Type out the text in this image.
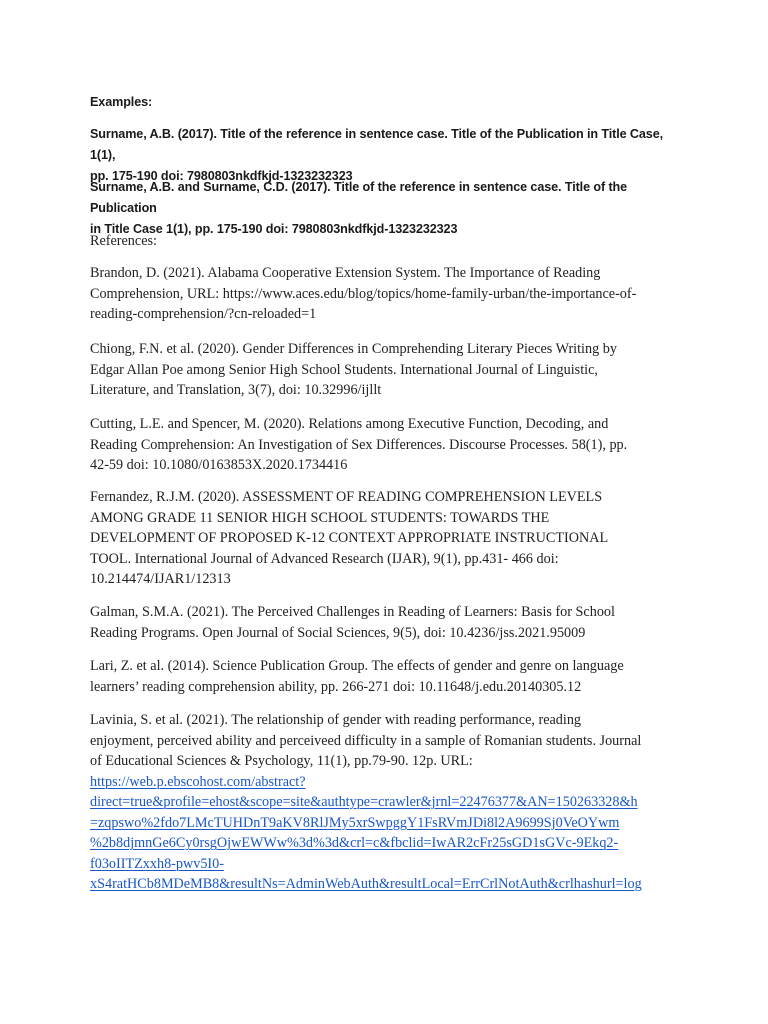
Examples:

Surname, A.B. (2017). Title of the reference in sentence case. Title of the Publication in Title Case, 1(1),
pp. 175-190 doi: 7980803nkdfkjd-1323232323
Surname, A.B. and Surname, C.D. (2017). Title of the reference in sentence case. Title of the Publication
in Title Case 1(1), pp. 175-190 doi: 7980803nkdfkjd-1323232323

References:

Brandon, D. (2021). Alabama Cooperative Extension System. The Importance of Reading
Comprehension, URL: https://www.aces.edu/blog/topics/home-family-urban/the-importance-of-
reading-comprehension/?cn-reloaded=1
Chiong, F.N. et al. (2020). Gender Differences in Comprehending Literary Pieces Writing by
Edgar Allan Poe among Senior High School Students. International Journal of Linguistic,
Literature, and Translation, 3(7), doi: 10.32996/ijllt
Cutting, L.E. and Spencer, M. (2020). Relations among Executive Function, Decoding, and
Reading Comprehension: An Investigation of Sex Differences. Discourse Processes. 58(1), pp.
42-59 doi: 10.1080/0163853X.2020.1734416
Fernandez, R.J.M. (2020). ASSESSMENT OF READING COMPREHENSION LEVELS
AMONG GRADE 11 SENIOR HIGH SCHOOL STUDENTS: TOWARDS THE
DEVELOPMENT OF PROPOSED K-12 CONTEXT APPROPRIATE INSTRUCTIONAL
TOOL. International Journal of Advanced Research (IJAR), 9(1), pp.431- 466 doi:
10.214474/IJAR1/12313
Galman, S.M.A. (2021). The Perceived Challenges in Reading of Learners: Basis for School
Reading Programs. Open Journal of Social Sciences, 9(5), doi: 10.4236/jss.2021.95009
Lari, Z. et al. (2014). Science Publication Group. The effects of gender and genre on language
learners’ reading comprehension ability, pp. 266-271 doi: 10.11648/j.edu.20140305.12
Lavinia, S. et al. (2021). The relationship of gender with reading performance, reading
enjoyment, perceived ability and perceiveed difficulty in a sample of Romanian students. Journal
of Educational Sciences & Psychology, 11(1), pp.79-90. 12p. URL:
https://web.p.ebscohost.com/abstract?
direct=true&profile=ehost&scope=site&authtype=crawler&jrnl=22476377&AN=150263328&h
=zqpswo%2fdo7LMcTUHDnT9aKV8RlJMy5xrSwpggY1FsRVmJDi8l2A9699Sj0VeOYwm
%2b8djmnGe6Cy0rsgOjwEWWw%3d%3d&crl=c&fbclid=IwAR2cFr25sGD1sGVc-9Ekq2-
f03oIITZxxh8-pwv5I0-
xS4ratHCb8MDeMB8&resultNs=AdminWebAuth&resultLocal=ErrCrlNotAuth&crlhashurl=log
